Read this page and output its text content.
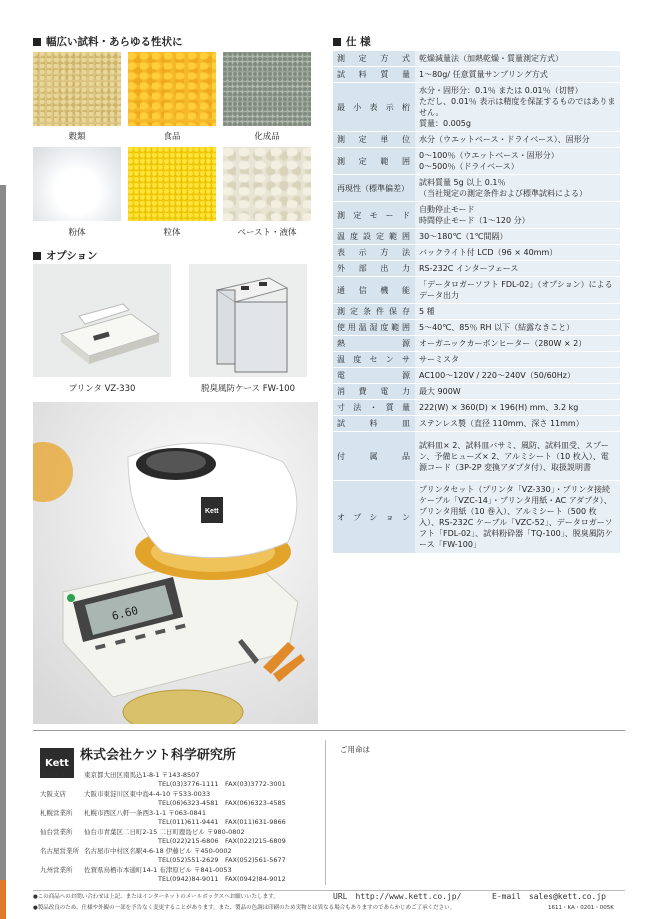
幅広い試料・あらゆる性状に
穀類	食品	化成品
粉体	粒体	ペースト・液体
オプション
プリンタ VZ-330	脱臭風防ケース FW-100
6.60
Kett
仕 様
測定方式	乾燥減量法（加熱乾燥・質量測定方式）
試料質量	1～80g/ 任意質量サンプリング方式
最小表示桁	水分・固形分：0.1％ または 0.01％（切替）
ただし、0.01％ 表示は精度を保証するものではありません。
質量：0.005g
測定単位	水分（ウエットベース・ドライベース）、固形分
測定範囲	0～100％（ウエットベース・固形分）
0～500％（ドライベース）
再現性（標準偏差）	試料質量 5g 以上 0.1％
（当社規定の測定条件および標準試料による）
測定モード	自動停止モード
時間停止モード（1～120 分）
温度設定範囲	30～180℃（1℃間隔）
表示方法	バックライト付 LCD（96 × 40mm）
外部出力	RS-232C インターフェース
通信機能	「データロガーソフト FDL-02」（オプション）によるデータ出力
測定条件保存	5 種
使用温湿度範囲	5～40℃、85％ RH 以下（結露なきこと）
熱源	オーガニックカーボンヒーター（280W × 2）
温度センサ	サーミスタ
電源	AC100～120V / 220～240V（50/60Hz）
消費電力	最大 900W
寸法・質量	222(W) × 360(D) × 196(H) mm、3.2 kg
試料皿	ステンレス製（直径 110mm、深さ 11mm）
付属品	試料皿× 2、試料皿バサミ、風防、試料皿受、スプーン、予備ヒューズ× 2、アルミシート（10 枚入）、電源コード（3P-2P 変換アダプタ付）、取扱説明書
オプション	プリンタセット（プリンタ「VZ-330」・プリンタ接続ケーブル「VZC-14」・プリンタ用紙・AC アダプタ）、プリンタ用紙（10 巻入）、アルミシート（500 枚入）、RS-232C ケーブル「VZC-52」、データロガーソフト「FDL-02」、試料粉砕器「TQ-100」、脱臭風防ケース「FW-100」
Kett 株式会社ケツト科学研究所	ご用命は
東京本社	東京都大田区南馬込1-8-1 〒143-8507
TEL(03)3776-1111　FAX(03)3772-3001
大阪支店	大阪市東淀川区東中島4-4-10 〒533-0033
TEL(06)6323-4581　FAX(06)6323-4585
札幌営業所 札幌市西区八軒一条西3-1-1 〒063-0841
TEL(011)611-9441　FAX(011)631-9866
仙台営業所 仙台市青葉区二日町2-15 二日町鹿島ビル 〒980-0802
TEL(022)215-6806　FAX(022)215-6809
名古屋営業所 名古屋市中村区名駅4-6-18 伊藤ビル 〒450-0002
TEL(052)551-2629　FAX(052)561-5677
九州営業所 佐賀県鳥栖市本通町14-1 布津原ビル 〒841-0053
TEL(0942)84-9011　FAX(0942)84-9012
●この商品へのお問い合わせは上記、またはインターネットのメールボックスへお願いいたします。	URL　http://www.kett.co.jp/	E-mail　sales@kett.co.jp
●製品改良のため、仕様や外観の一部を予告なく変更することがあります。また、製品の色調は印刷のため実物とは異なる場合もありますのであらかじめご了承ください。	1611・KA・0201・005K
